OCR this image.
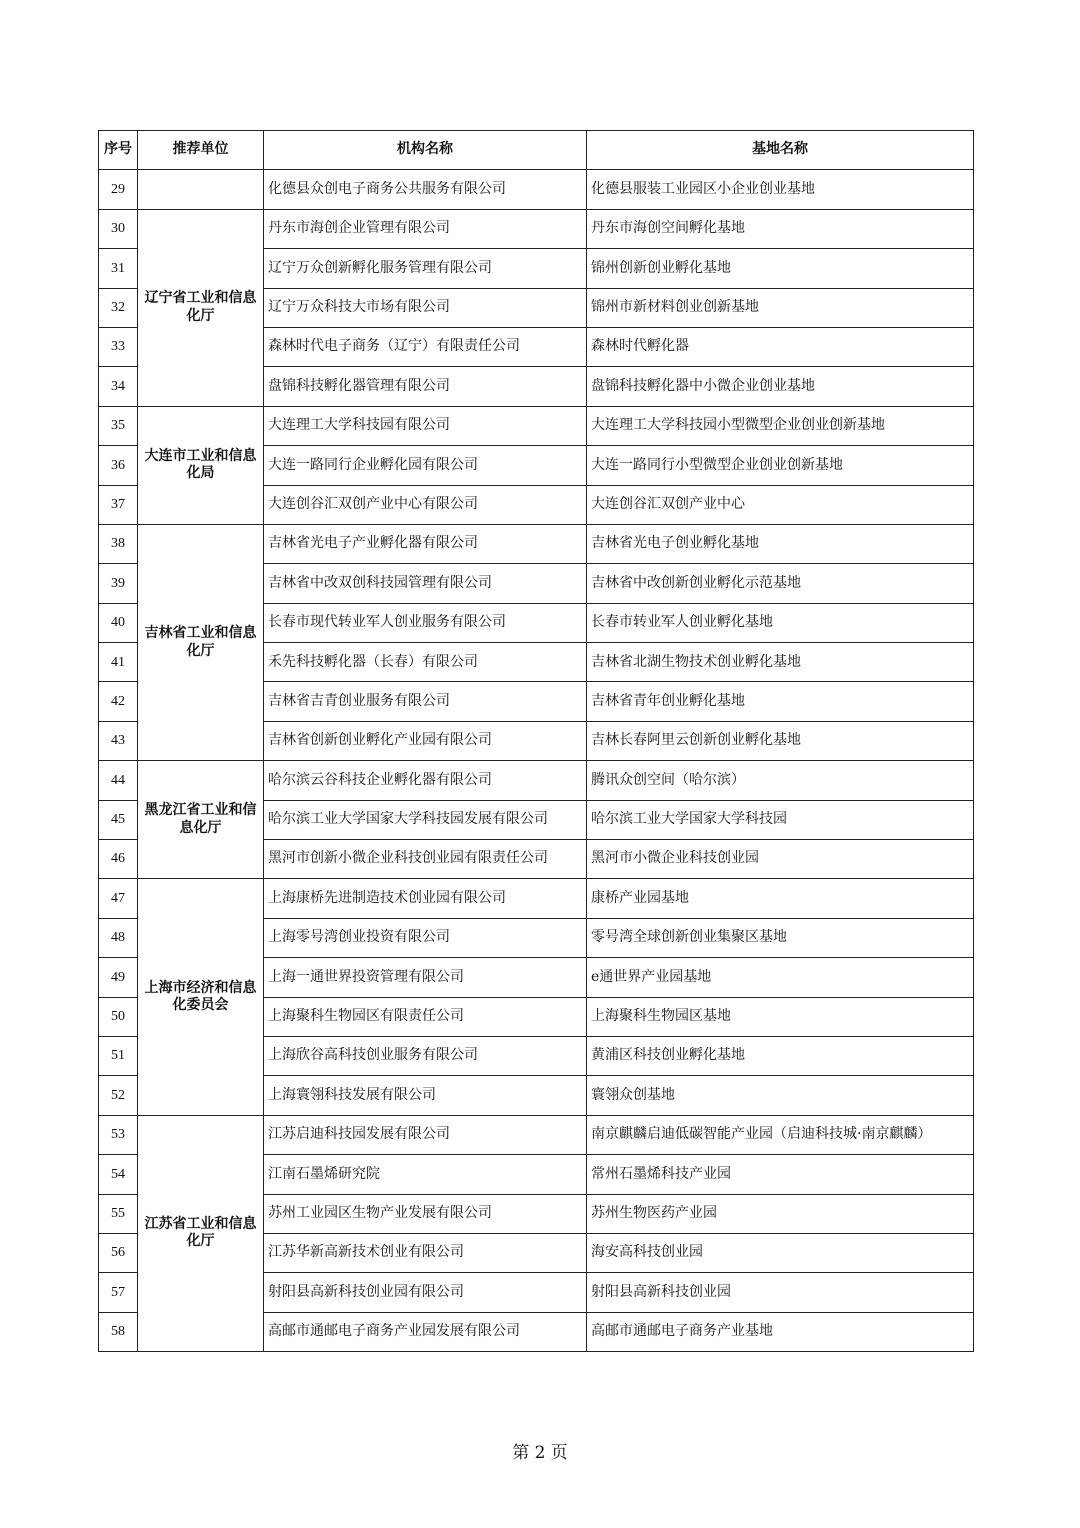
序号	推荐单位	机构名称	基地名称
29		化德县众创电子商务公共服务有限公司	化德县服装工业园区小企业创业基地
30	辽宁省工业和信息化厅	丹东市海创企业管理有限公司	丹东市海创空间孵化基地
31		辽宁万众创新孵化服务管理有限公司	锦州创新创业孵化基地
32		辽宁万众科技大市场有限公司	锦州市新材料创业创新基地
33		森林时代电子商务（辽宁）有限责任公司	森林时代孵化器
34		盘锦科技孵化器管理有限公司	盘锦科技孵化器中小微企业创业基地
35	大连市工业和信息化局	大连理工大学科技园有限公司	大连理工大学科技园小型微型企业创业创新基地
36		大连一路同行企业孵化园有限公司	大连一路同行小型微型企业创业创新基地
37		大连创谷汇双创产业中心有限公司	大连创谷汇双创产业中心
38	吉林省工业和信息化厅	吉林省光电子产业孵化器有限公司	吉林省光电子创业孵化基地
39		吉林省中改双创科技园管理有限公司	吉林省中改创新创业孵化示范基地
40		长春市现代转业军人创业服务有限公司	长春市转业军人创业孵化基地
41		禾先科技孵化器（长春）有限公司	吉林省北湖生物技术创业孵化基地
42		吉林省吉青创业服务有限公司	吉林省青年创业孵化基地
43		吉林省创新创业孵化产业园有限公司	吉林长春阿里云创新创业孵化基地
44	黑龙江省工业和信息化厅	哈尔滨云谷科技企业孵化器有限公司	腾讯众创空间（哈尔滨）
45		哈尔滨工业大学国家大学科技园发展有限公司	哈尔滨工业大学国家大学科技园
46		黑河市创新小微企业科技创业园有限责任公司	黑河市小微企业科技创业园
47	上海市经济和信息化委员会	上海康桥先进制造技术创业园有限公司	康桥产业园基地
48		上海零号湾创业投资有限公司	零号湾全球创新创业集聚区基地
49		上海一通世界投资管理有限公司	e通世界产业园基地
50		上海聚科生物园区有限责任公司	上海聚科生物园区基地
51		上海欣谷高科技创业服务有限公司	黄浦区科技创业孵化基地
52		上海寰翎科技发展有限公司	寰翎众创基地
53	江苏省工业和信息化厅	江苏启迪科技园发展有限公司	南京麒麟启迪低碳智能产业园（启迪科技城·南京麒麟）
54		江南石墨烯研究院	常州石墨烯科技产业园
55		苏州工业园区生物产业发展有限公司	苏州生物医药产业园
56		江苏华新高新技术创业有限公司	海安高科技创业园
57		射阳县高新科技创业园有限公司	射阳县高新科技创业园
58		高邮市通邮电子商务产业园发展有限公司	高邮市通邮电子商务产业基地
第 2 页
